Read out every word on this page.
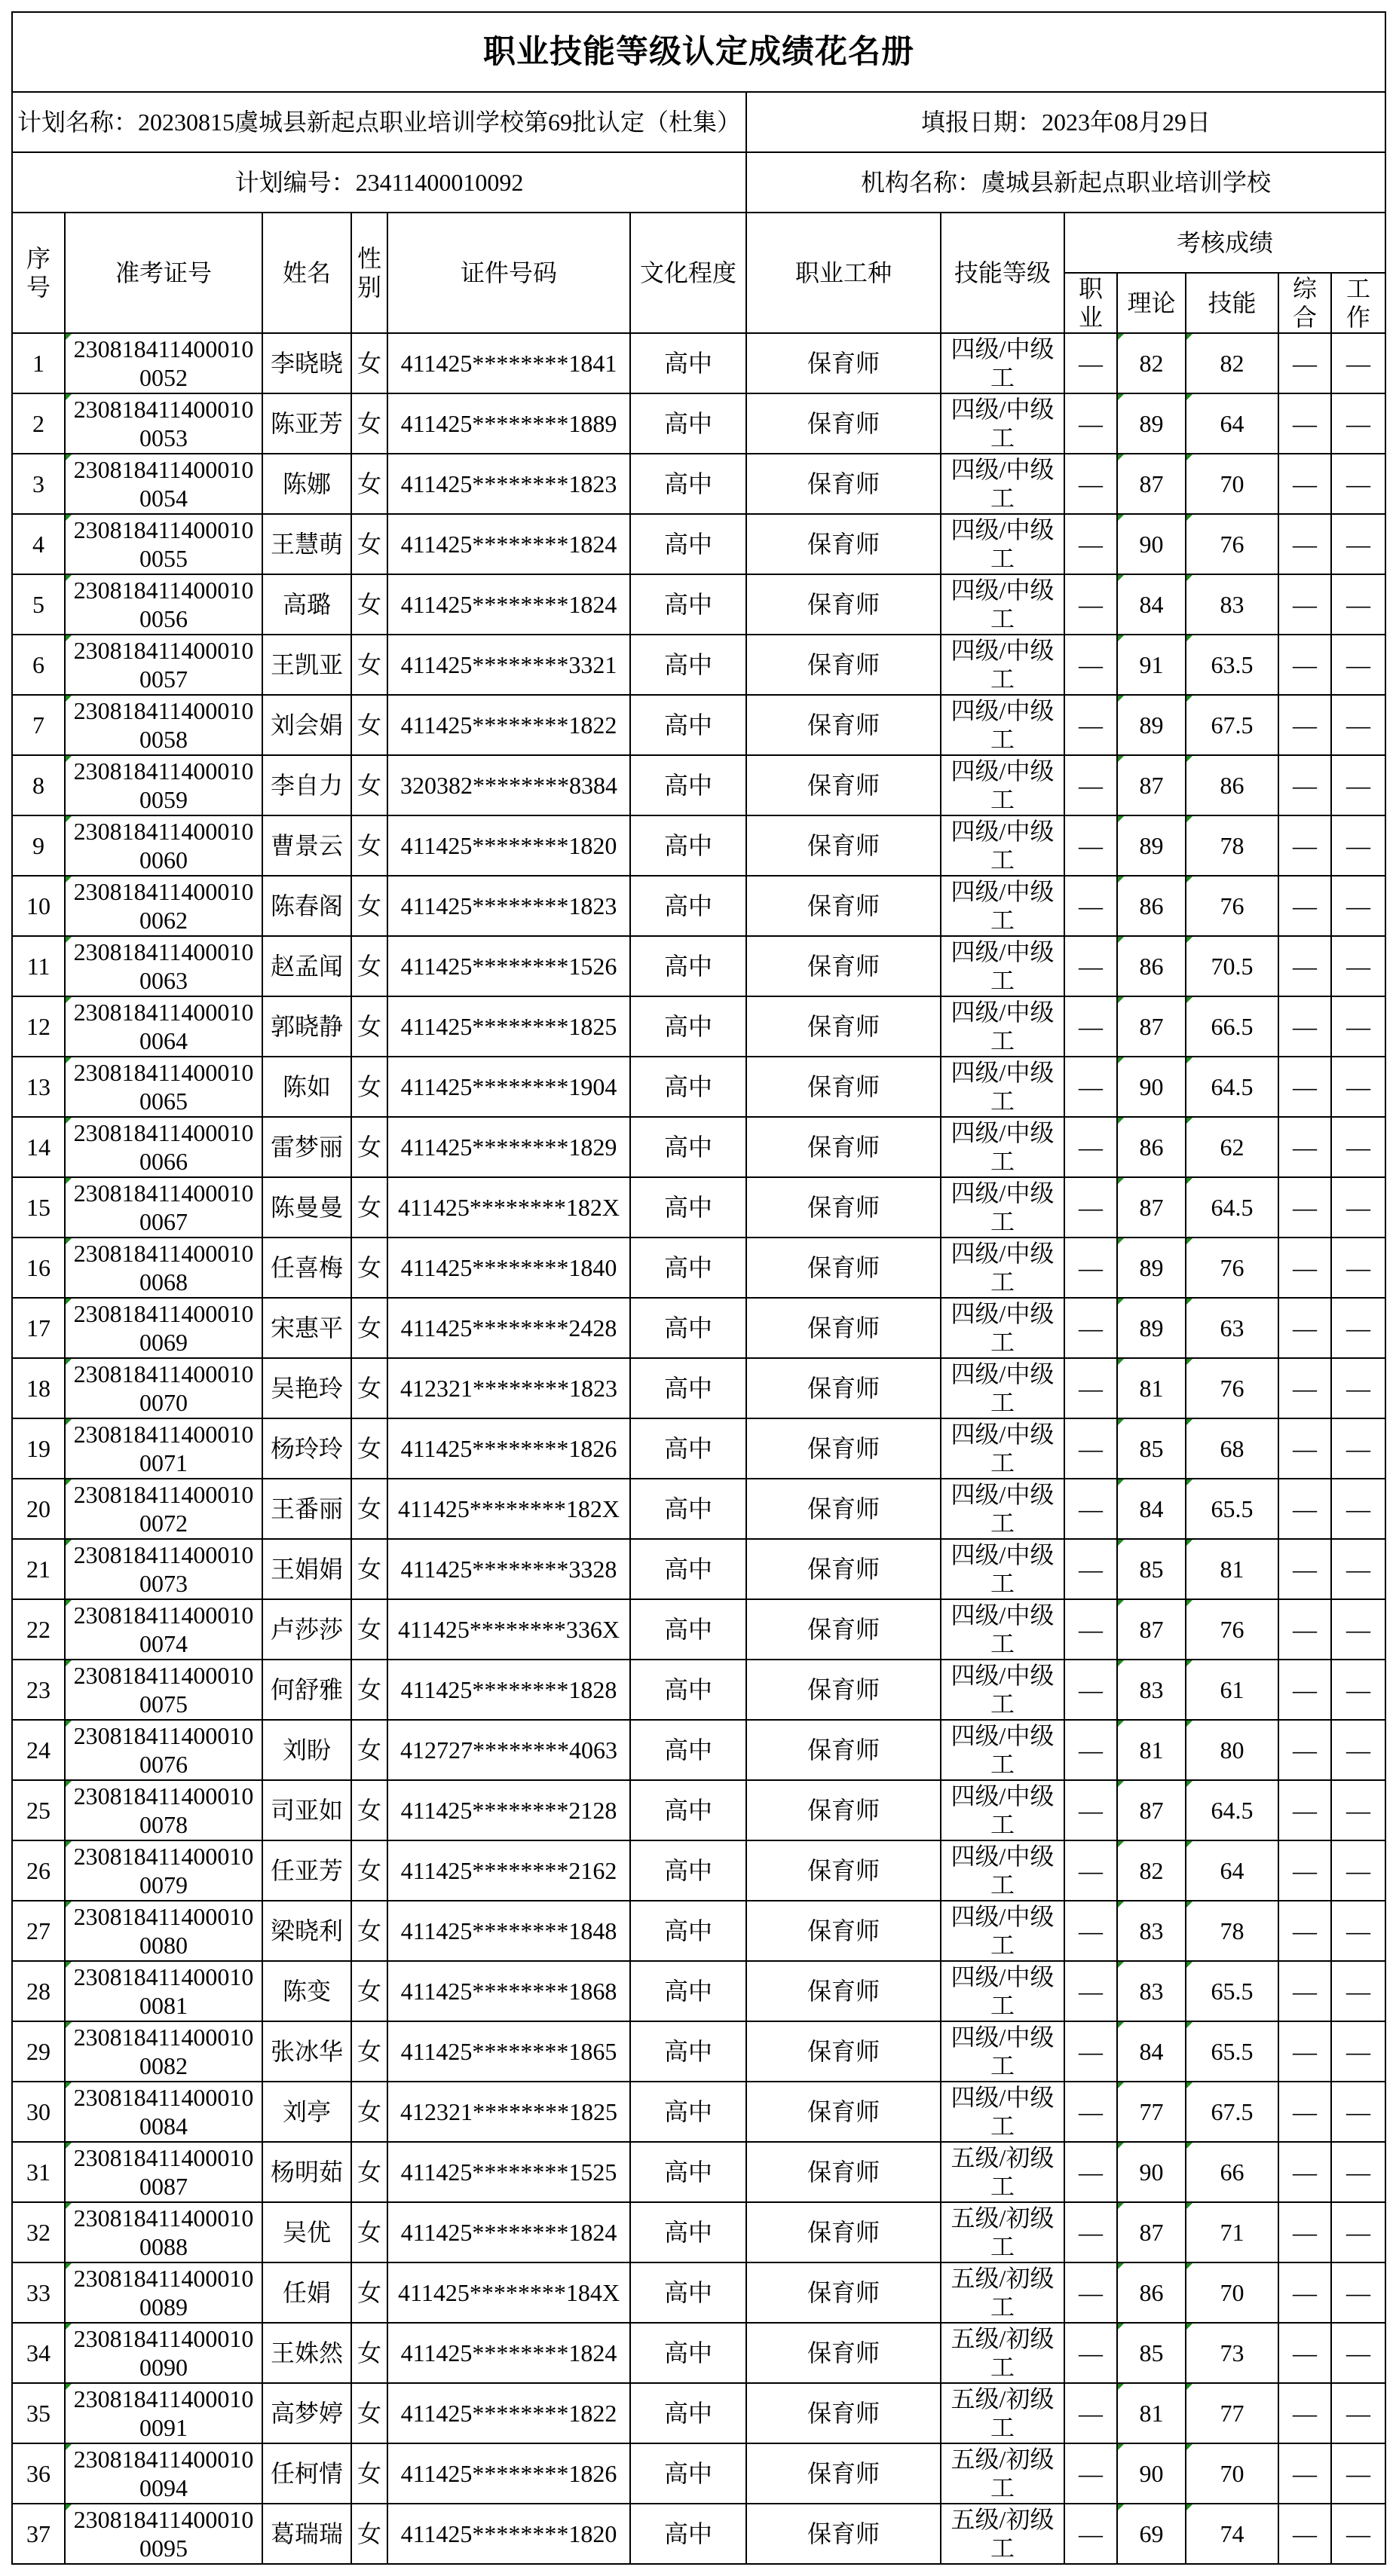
职业技能等级认定成绩花名册												
计划名称：20230815虞城县新起点职业培训学校第69批认定（杜集）						填报日期：2023年08月29日						
计划编号：23411400010092						机构名称：虞城县新起点职业培训学校						
序号	准考证号	姓名	性别	证件号码	文化程度	职业工种	技能等级	考核成绩				
								职业	理论	技能	综合	工作
1	2308184114000100052	李晓晓	女	411425********1841	高中	保育师	四级/中级工	—	82	82	—	—
2	2308184114000100053	陈亚芳	女	411425********1889	高中	保育师	四级/中级工	—	89	64	—	—
3	2308184114000100054	陈娜	女	411425********1823	高中	保育师	四级/中级工	—	87	70	—	—
4	2308184114000100055	王慧萌	女	411425********1824	高中	保育师	四级/中级工	—	90	76	—	—
5	2308184114000100056	高璐	女	411425********1824	高中	保育师	四级/中级工	—	84	83	—	—
6	2308184114000100057	王凯亚	女	411425********3321	高中	保育师	四级/中级工	—	91	63.5	—	—
7	2308184114000100058	刘会娟	女	411425********1822	高中	保育师	四级/中级工	—	89	67.5	—	—
8	2308184114000100059	李自力	女	320382********8384	高中	保育师	四级/中级工	—	87	86	—	—
9	2308184114000100060	曹景云	女	411425********1820	高中	保育师	四级/中级工	—	89	78	—	—
10	2308184114000100062	陈春阁	女	411425********1823	高中	保育师	四级/中级工	—	86	76	—	—
11	2308184114000100063	赵孟闻	女	411425********1526	高中	保育师	四级/中级工	—	86	70.5	—	—
12	2308184114000100064	郭晓静	女	411425********1825	高中	保育师	四级/中级工	—	87	66.5	—	—
13	2308184114000100065	陈如	女	411425********1904	高中	保育师	四级/中级工	—	90	64.5	—	—
14	2308184114000100066	雷梦丽	女	411425********1829	高中	保育师	四级/中级工	—	86	62	—	—
15	2308184114000100067	陈曼曼	女	411425********182X	高中	保育师	四级/中级工	—	87	64.5	—	—
16	2308184114000100068	任喜梅	女	411425********1840	高中	保育师	四级/中级工	—	89	76	—	—
17	2308184114000100069	宋惠平	女	411425********2428	高中	保育师	四级/中级工	—	89	63	—	—
18	2308184114000100070	吴艳玲	女	412321********1823	高中	保育师	四级/中级工	—	81	76	—	—
19	2308184114000100071	杨玲玲	女	411425********1826	高中	保育师	四级/中级工	—	85	68	—	—
20	2308184114000100072	王番丽	女	411425********182X	高中	保育师	四级/中级工	—	84	65.5	—	—
21	2308184114000100073	王娟娟	女	411425********3328	高中	保育师	四级/中级工	—	85	81	—	—
22	2308184114000100074	卢莎莎	女	411425********336X	高中	保育师	四级/中级工	—	87	76	—	—
23	2308184114000100075	何舒雅	女	411425********1828	高中	保育师	四级/中级工	—	83	61	—	—
24	2308184114000100076	刘盼	女	412727********4063	高中	保育师	四级/中级工	—	81	80	—	—
25	2308184114000100078	司亚如	女	411425********2128	高中	保育师	四级/中级工	—	87	64.5	—	—
26	2308184114000100079	任亚芳	女	411425********2162	高中	保育师	四级/中级工	—	82	64	—	—
27	2308184114000100080	梁晓利	女	411425********1848	高中	保育师	四级/中级工	—	83	78	—	—
28	2308184114000100081	陈变	女	411425********1868	高中	保育师	四级/中级工	—	83	65.5	—	—
29	2308184114000100082	张冰华	女	411425********1865	高中	保育师	四级/中级工	—	84	65.5	—	—
30	2308184114000100084	刘亭	女	412321********1825	高中	保育师	四级/中级工	—	77	67.5	—	—
31	2308184114000100087	杨明茹	女	411425********1525	高中	保育师	五级/初级工	—	90	66	—	—
32	2308184114000100088	吴优	女	411425********1824	高中	保育师	五级/初级工	—	87	71	—	—
33	2308184114000100089	任娟	女	411425********184X	高中	保育师	五级/初级工	—	86	70	—	—
34	2308184114000100090	王姝然	女	411425********1824	高中	保育师	五级/初级工	—	85	73	—	—
35	2308184114000100091	高梦婷	女	411425********1822	高中	保育师	五级/初级工	—	81	77	—	—
36	2308184114000100094	任柯情	女	411425********1826	高中	保育师	五级/初级工	—	90	70	—	—
37	2308184114000100095	葛瑞瑞	女	411425********1820	高中	保育师	五级/初级工	—	69	74	—	—
